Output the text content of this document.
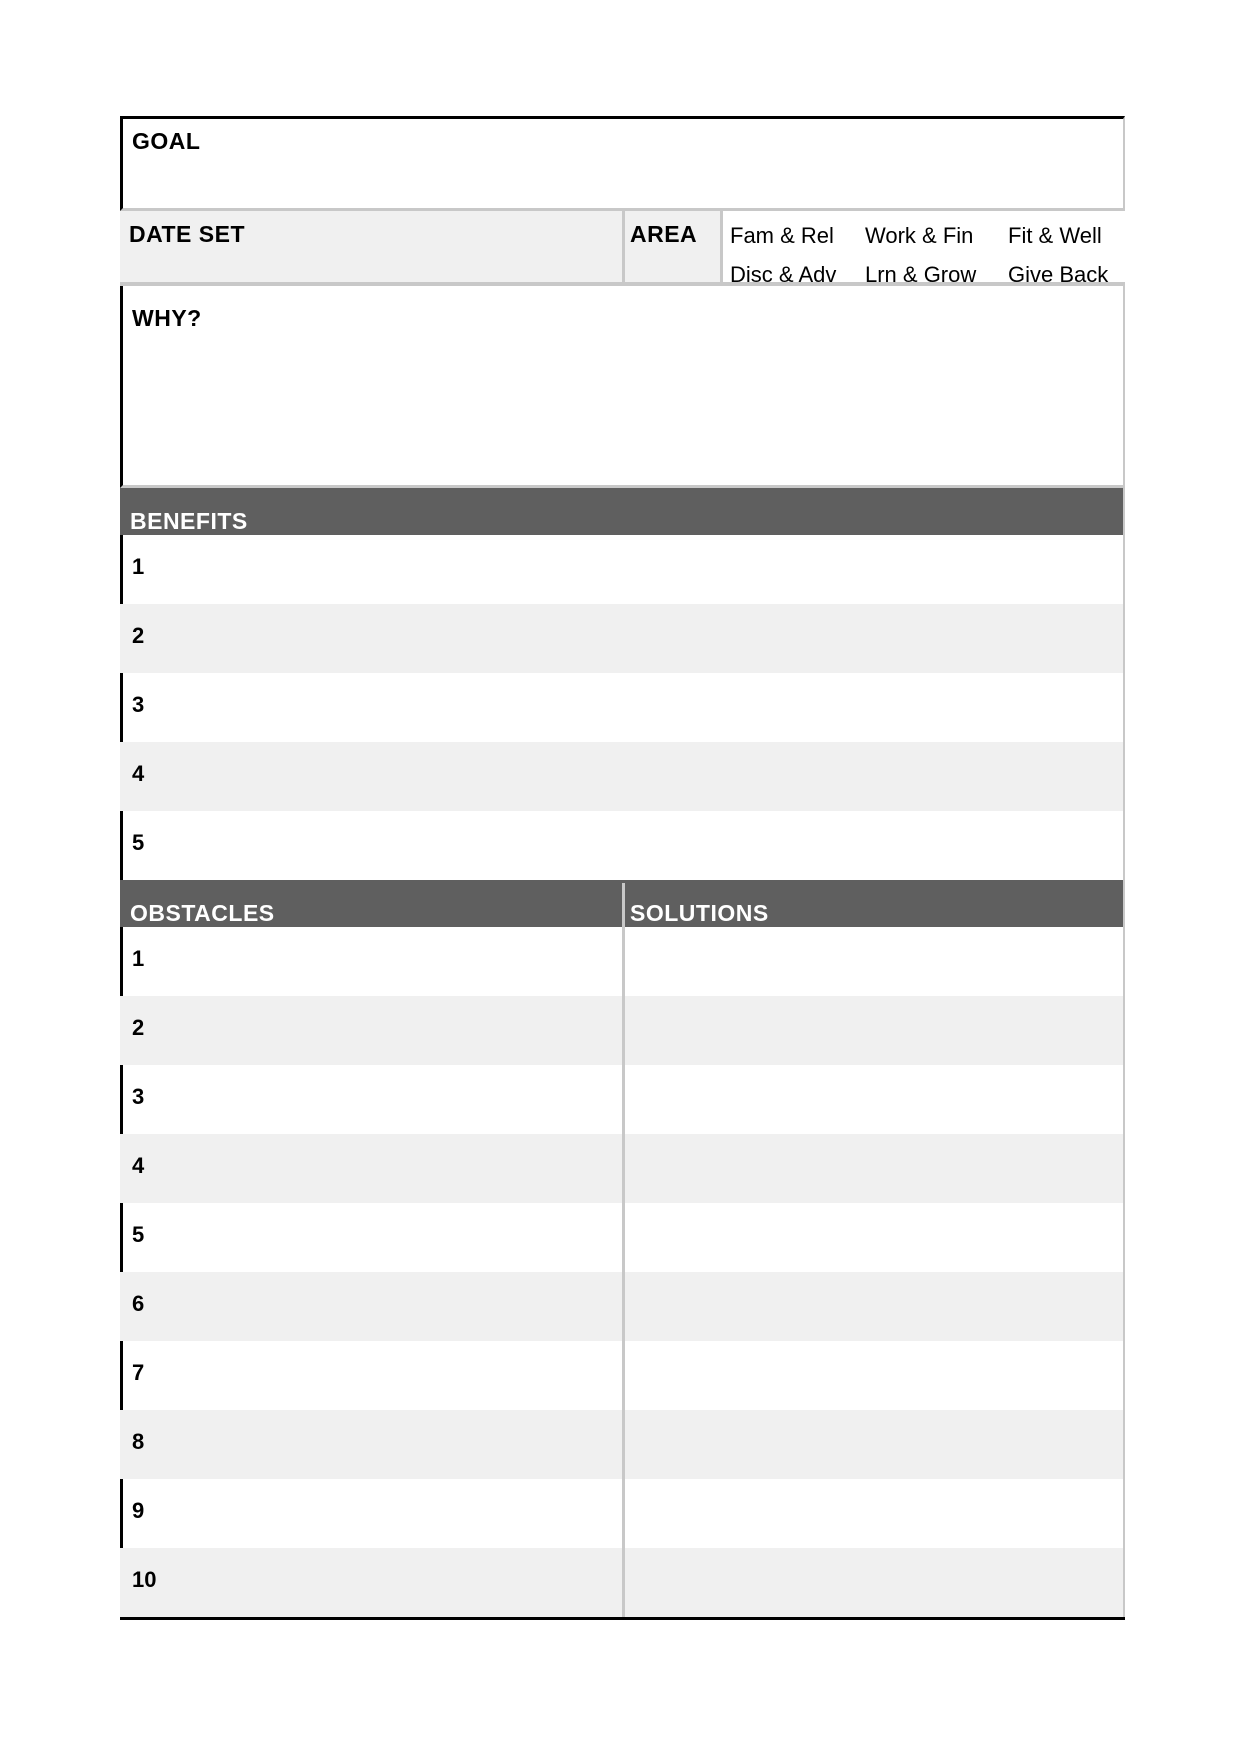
GOAL
DATE SET	AREA Fam & Rel Work & Fin Fit & Well
Disc & Adv Lrn & Grow Give Back
WHY?
BENEFITS
1
2
3
4
5
OBSTACLES	SOLUTIONS
1
2
3
4
5
6
7
8
9
10
